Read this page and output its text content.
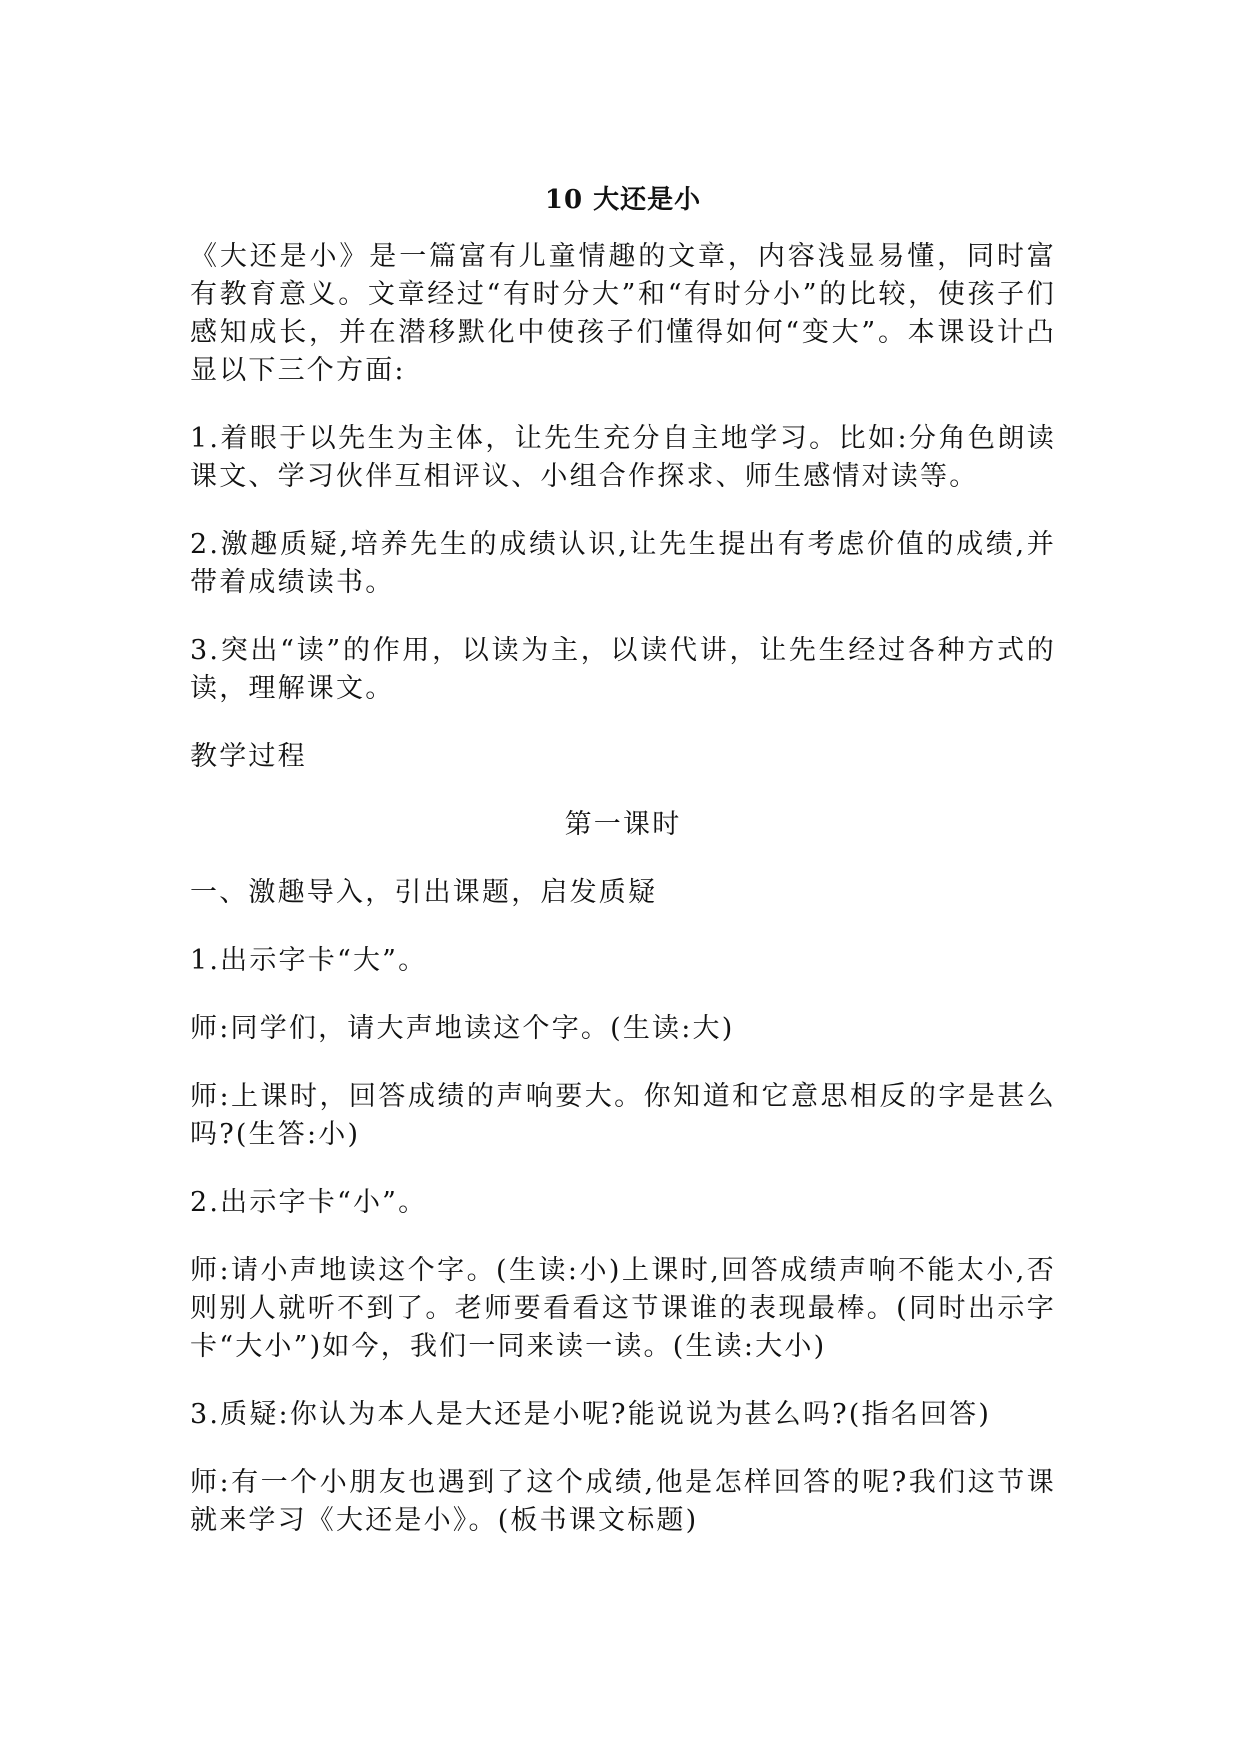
10 大还是小

《大还是小》是一篇富有儿童情趣的文章，内容浅显易懂，同时富有教育意义。文章经过“有时分大”和“有时分小”的比较，使孩子们感知成长，并在潜移默化中使孩子们懂得如何“变大”。本课设计凸显以下三个方面:

1.着眼于以先生为主体，让先生充分自主地学习。比如:分角色朗读课文、学习伙伴互相评议、小组合作探求、师生感情对读等。

2.激趣质疑,培养先生的成绩认识,让先生提出有考虑价值的成绩,并带着成绩读书。

3.突出“读”的作用，以读为主，以读代讲，让先生经过各种方式的读，理解课文。

教学过程

第一课时

一、激趣导入，引出课题，启发质疑

1.出示字卡“大”。

师:同学们，请大声地读这个字。(生读:大)

师:上课时，回答成绩的声响要大。你知道和它意思相反的字是甚么吗?(生答:小)

2.出示字卡“小”。

师:请小声地读这个字。(生读:小)上课时,回答成绩声响不能太小,否则别人就听不到了。老师要看看这节课谁的表现最棒。(同时出示字卡“大小”)如今，我们一同来读一读。(生读:大小)

3.质疑:你认为本人是大还是小呢?能说说为甚么吗?(指名回答)

师:有一个小朋友也遇到了这个成绩,他是怎样回答的呢?我们这节课就来学习《大还是小》。(板书课文标题)
